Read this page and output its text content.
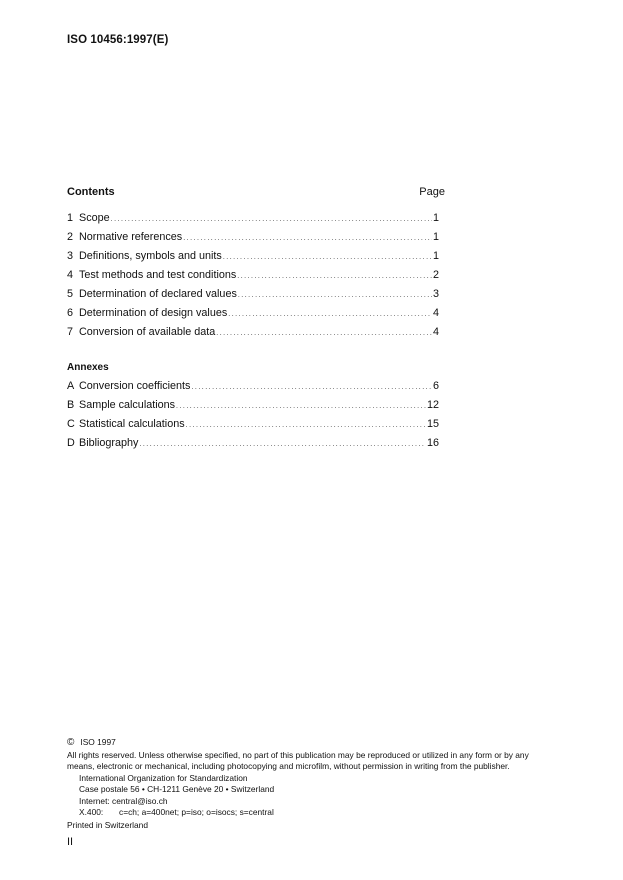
ISO 10456:1997(E)
Contents	Page
1 Scope .....	1
2 Normative references .....	1
3 Definitions, symbols and units .....	1
4 Test methods and test conditions .....	2
5 Determination of declared values .....	3
6 Determination of design values .....	4
7 Conversion of available data .....	4
Annexes
A Conversion coefficients .....	6
B Sample calculations .....	12
C Statistical calculations .....	15
D Bibliography .....	16
© ISO 1997
All rights reserved. Unless otherwise specified, no part of this publication may be reproduced or utilized in any form or by any means, electronic or mechanical, including photocopying and microfilm, without permission in writing from the publisher.
International Organization for Standardization
Case postale 56 • CH-1211 Genève 20 • Switzerland
Internet: central@iso.ch
X.400:	c=ch; a=400net; p=iso; o=isocs; s=central
Printed in Switzerland
II
